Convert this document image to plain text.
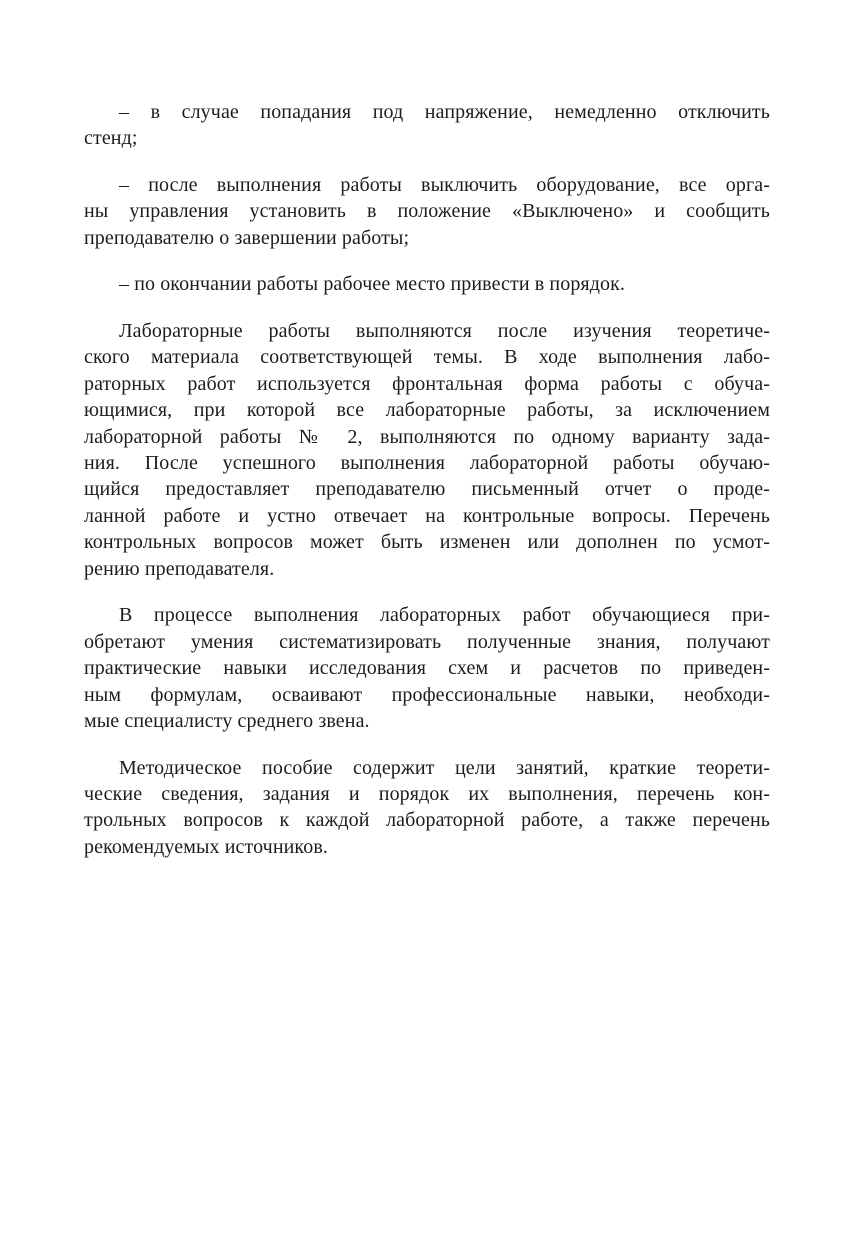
– в случае попадания под напряжение, немедленно отключить
стенд;

– после выполнения работы выключить оборудование, все орга-
ны управления установить в положение «Выключено» и сообщить
преподавателю о завершении работы;

– по окончании работы рабочее место привести в порядок.

Лабораторные работы выполняются после изучения теоретиче-
ского материала соответствующей темы. В ходе выполнения лабо-
раторных работ используется фронтальная форма работы с обуча-
ющимися, при которой все лабораторные работы, за исключением
лабораторной работы № 2, выполняются по одному варианту зада-
ния. После успешного выполнения лабораторной работы обучаю-
щийся предоставляет преподавателю письменный отчет о проде-
ланной работе и устно отвечает на контрольные вопросы. Перечень
контрольных вопросов может быть изменен или дополнен по усмот-
рению преподавателя.

В процессе выполнения лабораторных работ обучающиеся при-
обретают умения систематизировать полученные знания, получают
практические навыки исследования схем и расчетов по приведен-
ным формулам, осваивают профессиональные навыки, необходи-
мые специалисту среднего звена.

Методическое пособие содержит цели занятий, краткие теорети-
ческие сведения, задания и порядок их выполнения, перечень кон-
трольных вопросов к каждой лабораторной работе, а также перечень
рекомендуемых источников.
